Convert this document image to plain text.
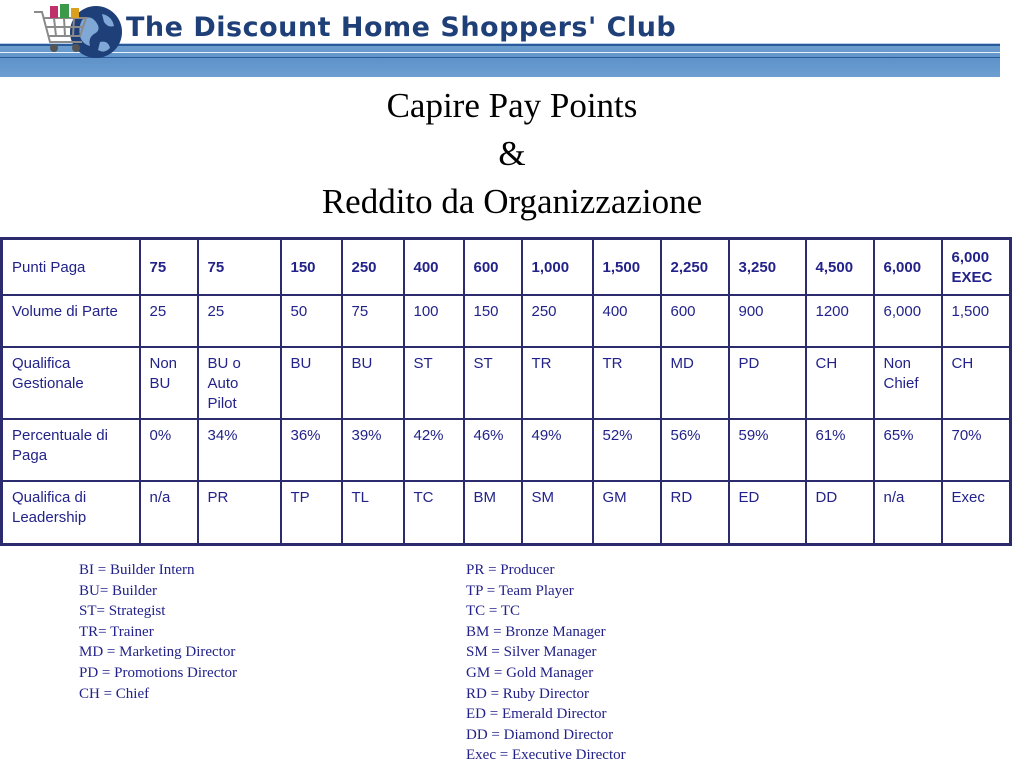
The Discount Home Shoppers' Club
Capire Pay Points
&
Reddito da Organizzazione
Punti Paga	75	75	150	250	400	600	1,000	1,500	2,250	3,250	4,500	6,000	6,000 EXEC
Volume di Parte	25	25	50	75	100	150	250	400	600	900	1200	6,000	1,500
Qualifica Gestionale	Non BU	BU o Auto Pilot	BU	BU	ST	ST	TR	TR	MD	PD	CH	Non Chief	CH
Percentuale di Paga	0%	34%	36%	39%	42%	46%	49%	52%	56%	59%	61%	65%	70%
Qualifica di Leadership	n/a	PR	TP	TL	TC	BM	SM	GM	RD	ED	DD	n/a	Exec
BI = Builder Intern
BU= Builder
ST= Strategist
TR= Trainer
MD = Marketing Director
PD = Promotions Director
CH = Chief
PR = Producer
TP = Team Player
TC = TC
BM = Bronze Manager
SM = Silver Manager
GM = Gold Manager
RD = Ruby Director
ED = Emerald Director
DD = Diamond Director
Exec = Executive Director
